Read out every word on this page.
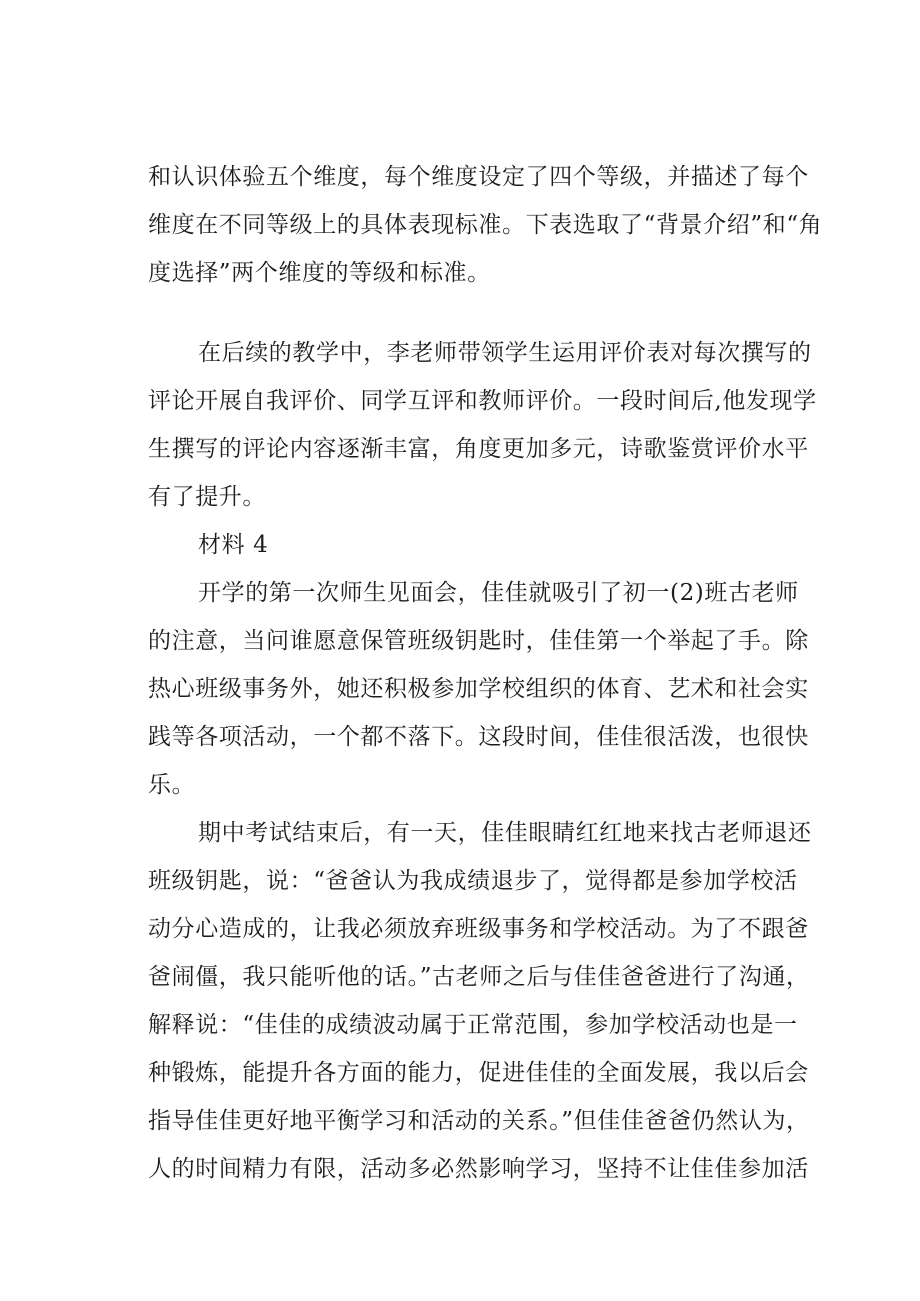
和认识体验五个维度，每个维度设定了四个等级，并描述了每个

维度在不同等级上的具体表现标准。下表选取了“背景介绍”和“角

度选择”两个维度的等级和标准。

在后续的教学中，李老师带领学生运用评价表对每次撰写的

评论开展自我评价、同学互评和教师评价。一段时间后,他发现学

生撰写的评论内容逐渐丰富，角度更加多元，诗歌鉴赏评价水平

有了提升。

材料 4

开学的第一次师生见面会，佳佳就吸引了初一(2)班古老师

的注意，当问谁愿意保管班级钥匙时，佳佳第一个举起了手。除

热心班级事务外，她还积极参加学校组织的体育、艺术和社会实

践等各项活动，一个都不落下。这段时间，佳佳很活泼，也很快

乐。

期中考试结束后，有一天，佳佳眼睛红红地来找古老师退还

班级钥匙，说：“爸爸认为我成绩退步了，觉得都是参加学校活

动分心造成的，让我必须放弃班级事务和学校活动。为了不跟爸

爸闹僵，我只能听他的话。”古老师之后与佳佳爸爸进行了沟通，

解释说：“佳佳的成绩波动属于正常范围，参加学校活动也是一

种锻炼，能提升各方面的能力，促进佳佳的全面发展，我以后会

指导佳佳更好地平衡学习和活动的关系。”但佳佳爸爸仍然认为，

人的时间精力有限，活动多必然影响学习，坚持不让佳佳参加活
